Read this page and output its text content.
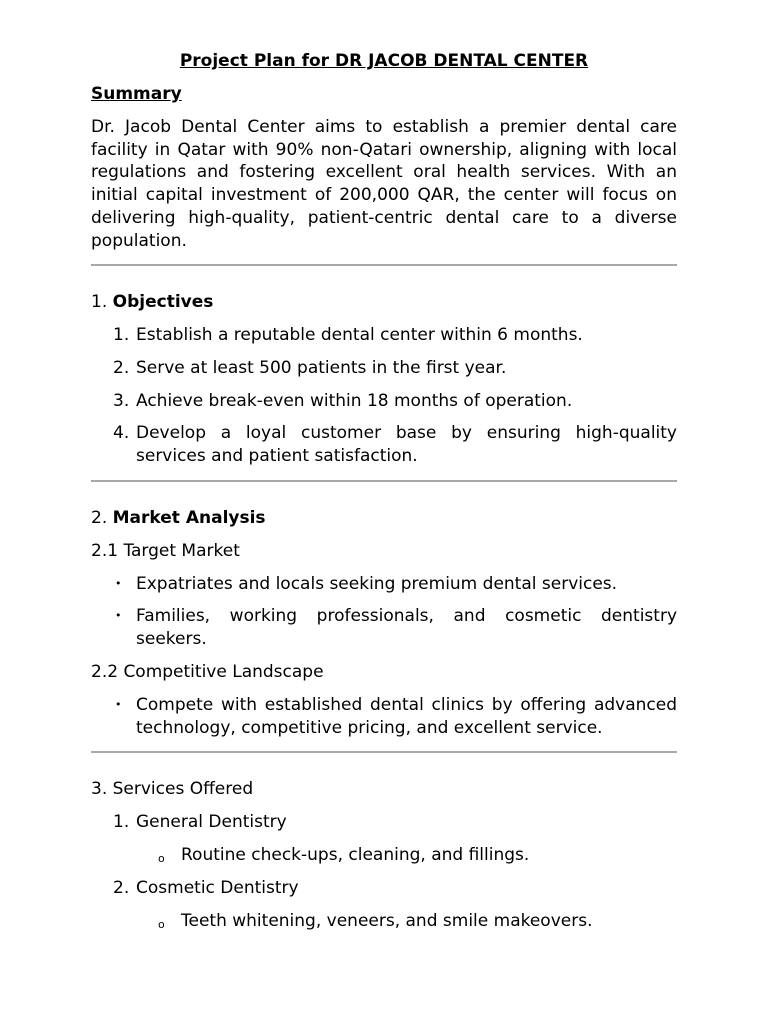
Project Plan for DR JACOB DENTAL CENTER
Summary

Dr. Jacob Dental Center aims to establish a premier dental care facility in Qatar with 90% non-Qatari ownership, aligning with local regulations and fostering excellent oral health services. With an initial capital investment of 200,000 QAR, the center will focus on delivering high-quality, patient-centric dental care to a diverse population.

1. Objectives
1. Establish a reputable dental center within 6 months.
2. Serve at least 500 patients in the first year.
3. Achieve break-even within 18 months of operation.
4. Develop a loyal customer base by ensuring high-quality services and patient satisfaction.
2. Market Analysis
2.1 Target Market
• Expatriates and locals seeking premium dental services.
• Families, working professionals, and cosmetic dentistry seekers.
2.2 Competitive Landscape
• Compete with established dental clinics by offering advanced technology, competitive pricing, and excellent service.
3. Services Offered
1. General Dentistry
o Routine check-ups, cleaning, and fillings.
2. Cosmetic Dentistry
o Teeth whitening, veneers, and smile makeovers.
